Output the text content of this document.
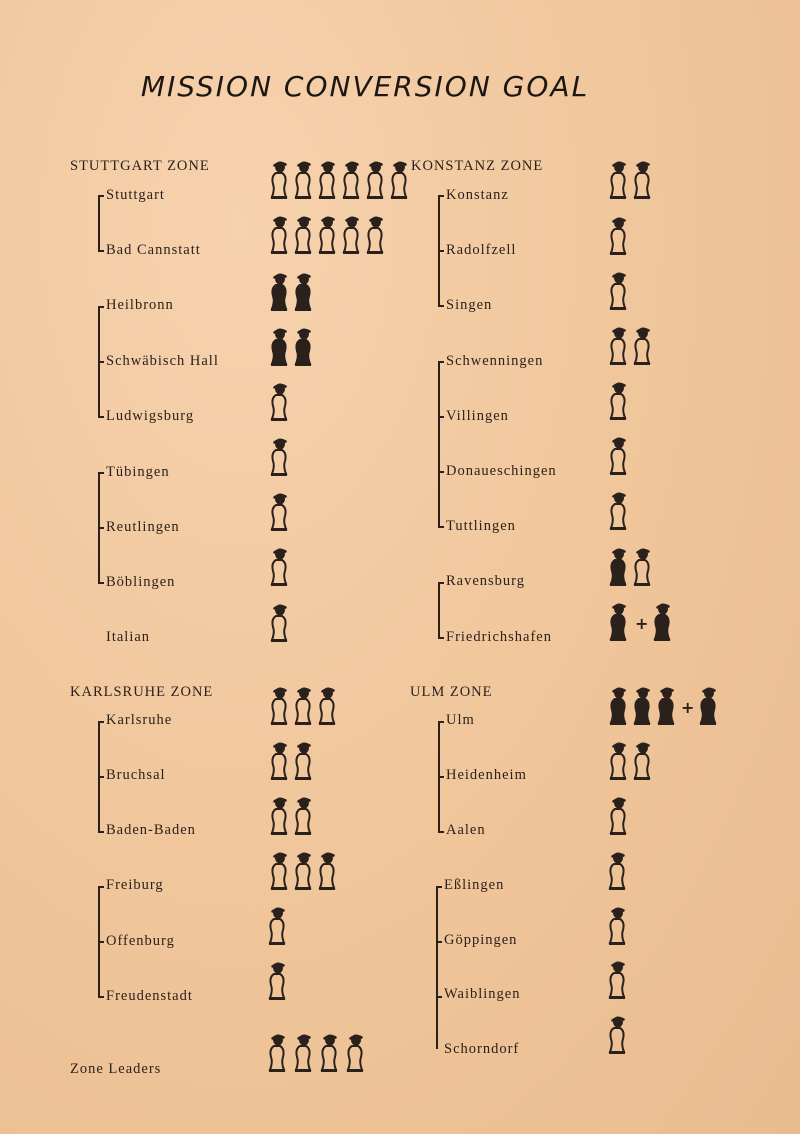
MISSION CONVERSION GOAL
STUTTGART ZONE
Stuttgart
Bad Cannstatt
Heilbronn
Schwäbisch Hall
Ludwigsburg
Tübingen
Reutlingen
Böblingen
Italian
KONSTANZ ZONE
Konstanz
Radolfzell
Singen
Schwenningen
Villingen
Donaueschingen
Tuttlingen
Ravensburg
Friedrichshafen
+
KARLSRUHE ZONE
Karlsruhe
Bruchsal
Baden-Baden
Freiburg
Offenburg
Freudenstadt
Zone Leaders
ULM ZONE
Ulm
+
Heidenheim
Aalen
Eßlingen
Göppingen
Waiblingen
Schorndorf
